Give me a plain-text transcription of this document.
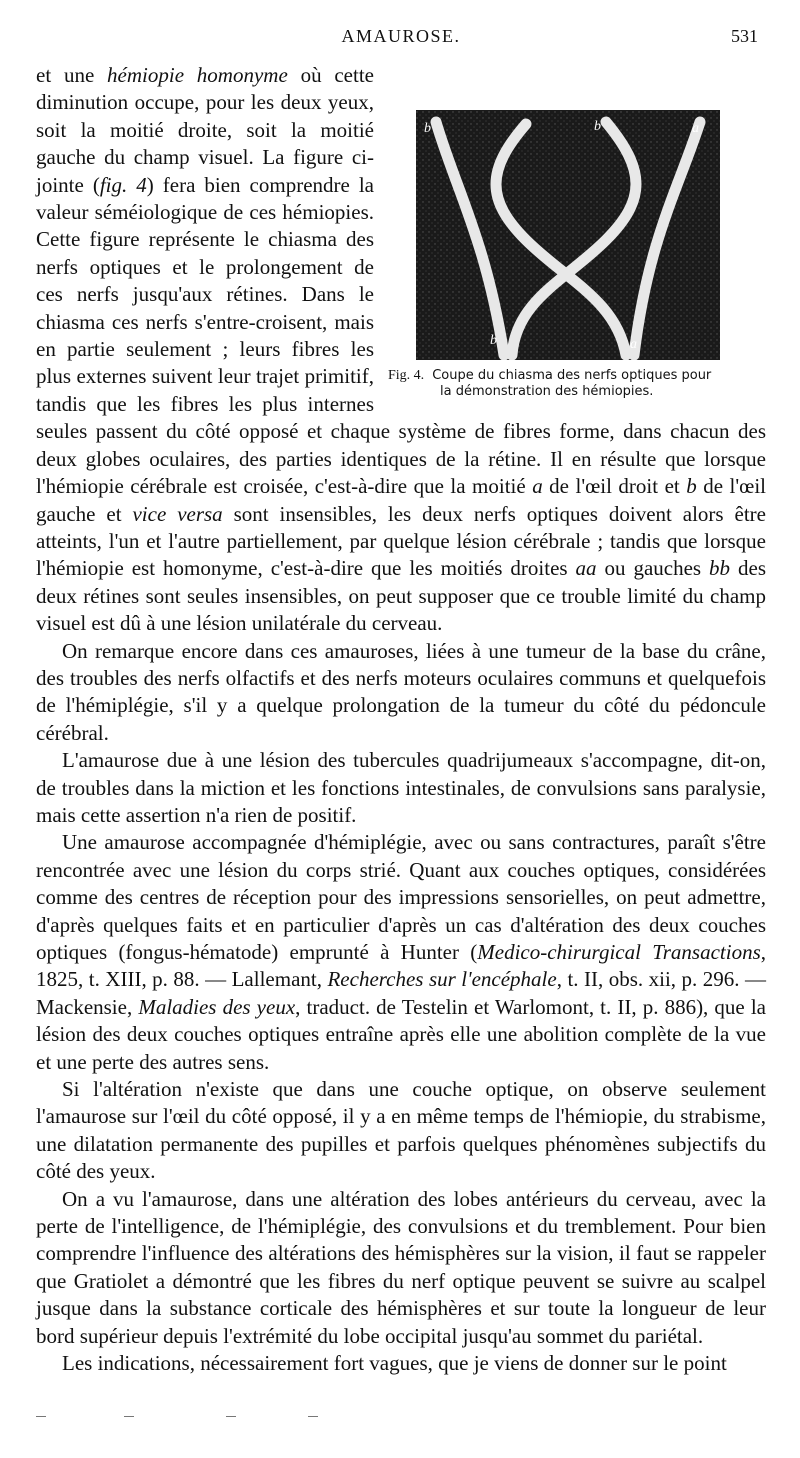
AMAUROSE.	531
b	b	a
b	a
Fig. 4. Coupe du chiasma des nerfs optiques pour
la démonstration des hémiopies.

et une hémiopie homonyme où cette diminution occupe, pour les deux yeux, soit la moitié droite, soit la moitié gauche du champ visuel. La figure ci-jointe (fig. 4) fera bien comprendre la valeur séméiologique de ces hémiopies. Cette figure représente le chiasma des nerfs optiques et le prolongement de ces nerfs jusqu'aux rétines. Dans le chiasma ces nerfs s'entre-croisent, mais en partie seulement ; leurs fibres les plus externes suivent leur trajet primitif, tandis que les fibres les plus internes seules passent du côté opposé et chaque système de fibres forme, dans chacun des deux globes oculaires, des parties identiques de la rétine. Il en résulte que lorsque l'hémiopie cérébrale est croisée, c'est-à-dire que la moitié a de l'œil droit et b de l'œil gauche et vice versa sont insensibles, les deux nerfs optiques doivent alors être atteints, l'un et l'autre partiellement, par quelque lésion cérébrale ; tandis que lorsque l'hémiopie est homonyme, c'est-à-dire que les moitiés droites aa ou gauches bb des deux rétines sont seules insensibles, on peut supposer que ce trouble limité du champ visuel est dû à une lésion unilatérale du cerveau.

On remarque encore dans ces amauroses, liées à une tumeur de la base du crâne, des troubles des nerfs olfactifs et des nerfs moteurs oculaires communs et quelquefois de l'hémiplégie, s'il y a quelque prolongation de la tumeur du côté du pédoncule cérébral.

L'amaurose due à une lésion des tubercules quadrijumeaux s'accompagne, dit-on, de troubles dans la miction et les fonctions intestinales, de convulsions sans paralysie, mais cette assertion n'a rien de positif.

Une amaurose accompagnée d'hémiplégie, avec ou sans contractures, paraît s'être rencontrée avec une lésion du corps strié. Quant aux couches optiques, considérées comme des centres de réception pour des impressions sensorielles, on peut admettre, d'après quelques faits et en particulier d'après un cas d'altération des deux couches optiques (fongus-hématode) emprunté à Hunter (Medico-chirurgical Transactions, 1825, t. XIII, p. 88. — Lallemant, Recherches sur l'encéphale, t. II, obs. xii, p. 296. — Mackensie, Maladies des yeux, traduct. de Testelin et Warlomont, t. II, p. 886), que la lésion des deux couches optiques entraîne après elle une abolition complète de la vue et une perte des autres sens.

Si l'altération n'existe que dans une couche optique, on observe seulement l'amaurose sur l'œil du côté opposé, il y a en même temps de l'hémiopie, du strabisme, une dilatation permanente des pupilles et parfois quelques phénomènes subjectifs du côté des yeux.

On a vu l'amaurose, dans une altération des lobes antérieurs du cerveau, avec la perte de l'intelligence, de l'hémiplégie, des convulsions et du tremblement. Pour bien comprendre l'influence des altérations des hémisphères sur la vision, il faut se rappeler que Gratiolet a démontré que les fibres du nerf optique peuvent se suivre au scalpel jusque dans la substance corticale des hémisphères et sur toute la longueur de leur bord supérieur depuis l'extrémité du lobe occipital jusqu'au sommet du pariétal.

Les indications, nécessairement fort vagues, que je viens de donner sur le point
